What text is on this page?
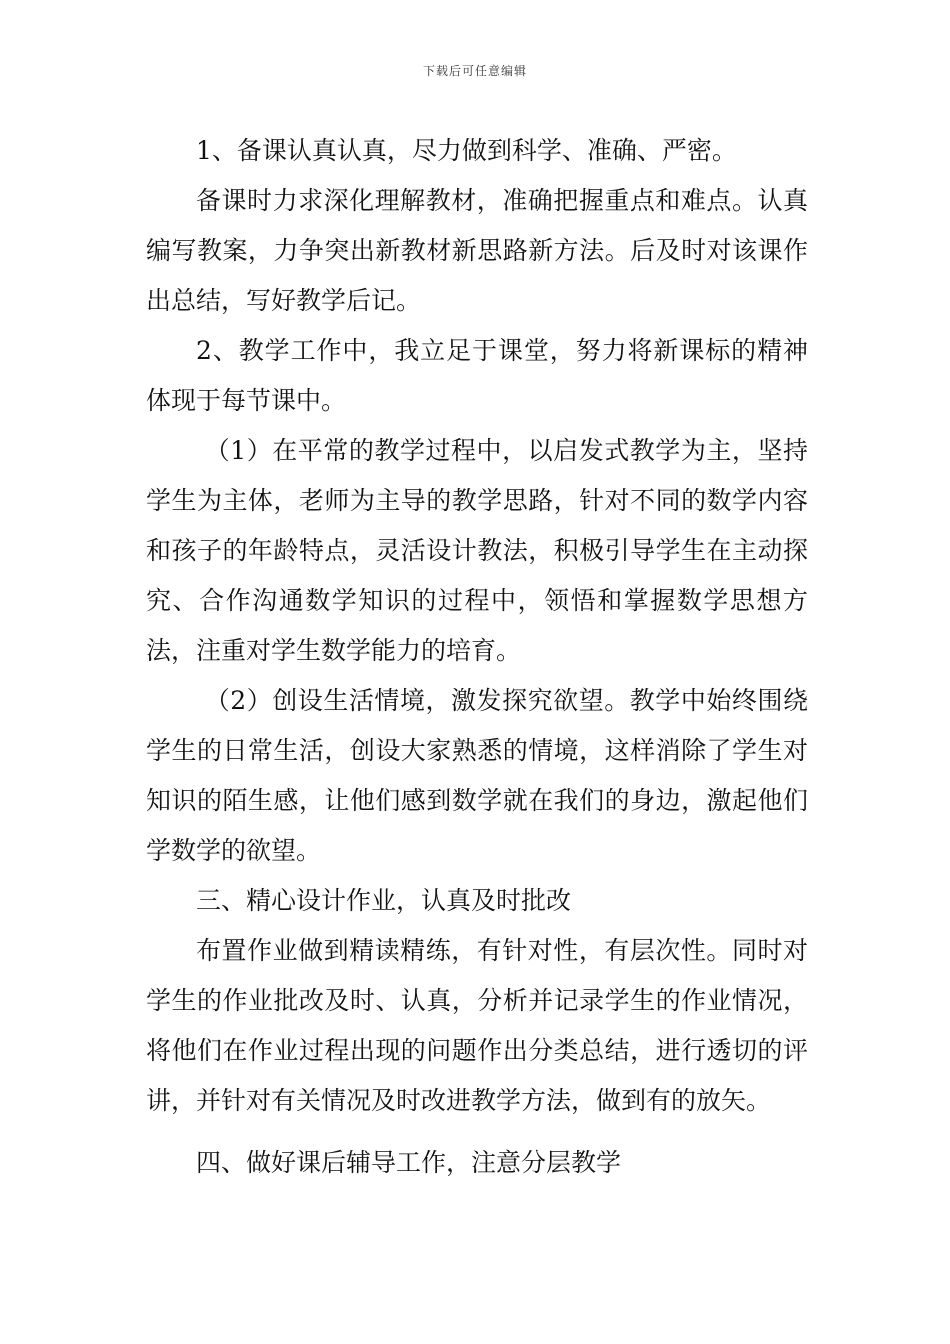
下载后可任意编辑

1、备课认真认真，尽力做到科学、准确、严密。

备课时力求深化理解教材，准确把握重点和难点。认真编写教案，力争突出新教材新思路新方法。后及时对该课作出总结，写好教学后记。

2、教学工作中，我立足于课堂，努力将新课标的精神体现于每节课中。

（1）在平常的教学过程中，以启发式教学为主，坚持学生为主体，老师为主导的教学思路，针对不同的数学内容和孩子的年龄特点，灵活设计教法，积极引导学生在主动探究、合作沟通数学知识的过程中，领悟和掌握数学思想方法，注重对学生数学能力的培育。

（2）创设生活情境，激发探究欲望。教学中始终围绕学生的日常生活，创设大家熟悉的情境，这样消除了学生对知识的陌生感，让他们感到数学就在我们的身边，激起他们学数学的欲望。

三、精心设计作业，认真及时批改

布置作业做到精读精练，有针对性，有层次性。同时对学生的作业批改及时、认真，分析并记录学生的作业情况，将他们在作业过程出现的问题作出分类总结，进行透切的评讲，并针对有关情况及时改进教学方法，做到有的放矢。

四、做好课后辅导工作，注意分层教学
